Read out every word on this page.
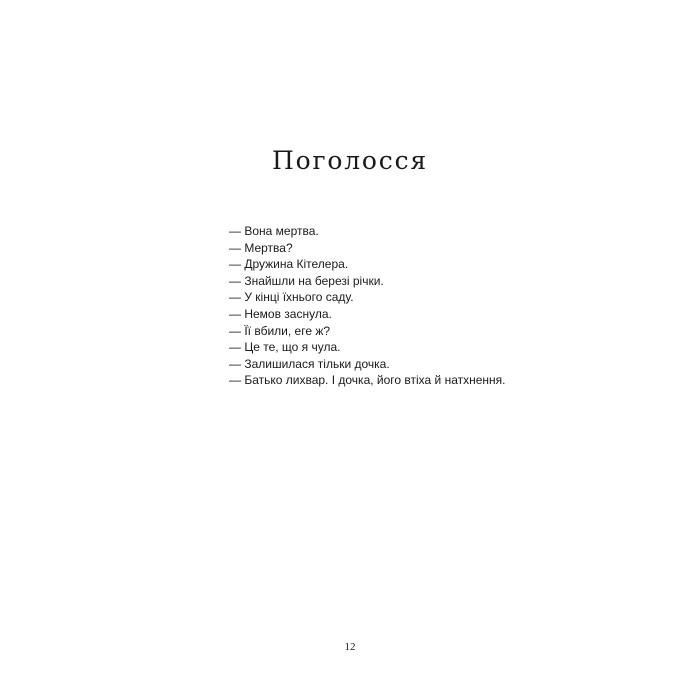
Поголосся
— Вона мертва.
— Мертва?
— Дружина Кітелера.
— Знайшли на березі річки.
— У кінці їхнього саду.
— Немов заснула.
— Її вбили, еге ж?
— Це те, що я чула.
— Залишилася тільки дочка.
— Батько лихвар. І дочка, його втіха й натхнення.
12
